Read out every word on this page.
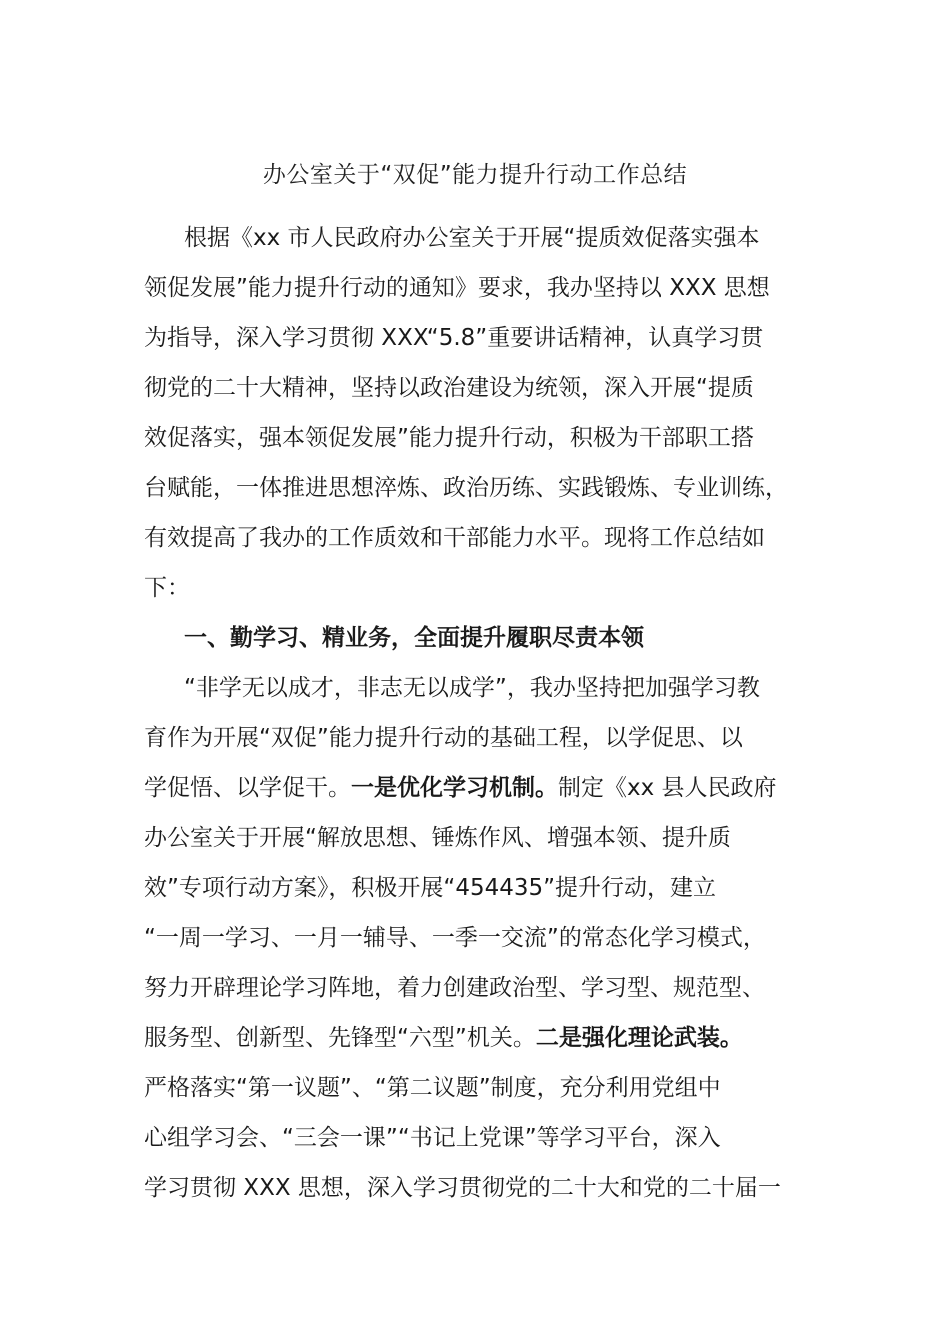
办公室关于“双促”能力提升行动工作总结
根据《xx 市人民政府办公室关于开展“提质效促落实强本
领促发展”能力提升行动的通知》要求，我办坚持以 XXX 思想
为指导，深入学习贯彻 XXX“5.8”重要讲话精神，认真学习贯
彻党的二十大精神，坚持以政治建设为统领，深入开展“提质
效促落实，强本领促发展”能力提升行动，积极为干部职工搭
台赋能，一体推进思想淬炼、政治历练、实践锻炼、专业训练，
有效提高了我办的工作质效和干部能力水平。现将工作总结如
下：
一、勤学习、精业务，全面提升履职尽责本领
“非学无以成才，非志无以成学”，我办坚持把加强学习教
育作为开展“双促”能力提升行动的基础工程，以学促思、以
学促悟、以学促干。一是优化学习机制。制定《xx 县人民政府
办公室关于开展“解放思想、锤炼作风、增强本领、提升质
效”专项行动方案》，积极开展“454435”提升行动，建立
“一周一学习、一月一辅导、一季一交流”的常态化学习模式，
努力开辟理论学习阵地，着力创建政治型、学习型、规范型、
服务型、创新型、先锋型“六型”机关。二是强化理论武装。
严格落实“第一议题”、“第二议题”制度，充分利用党组中
心组学习会、“三会一课”“书记上党课”等学习平台，深入
学习贯彻 XXX 思想，深入学习贯彻党的二十大和党的二十届一
